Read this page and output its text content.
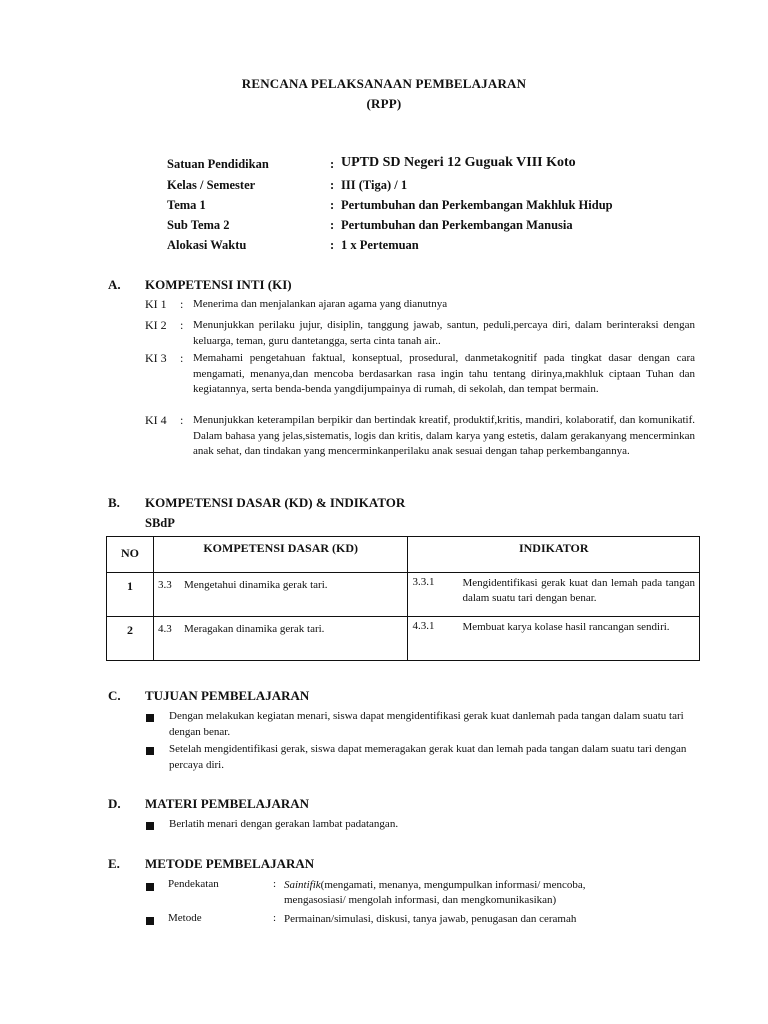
RENCANA PELAKSANAAN PEMBELAJARAN
(RPP)
Satuan Pendidikan	: UPTD SD Negeri 12 Guguak VIII Koto
Kelas / Semester	: III (Tiga) / 1
Tema 1	: Pertumbuhan dan Perkembangan Makhluk Hidup
Sub Tema 2	: Pertumbuhan dan Perkembangan Manusia
Alokasi Waktu	: 1 x Pertemuan
A. KOMPETENSI INTI (KI)
KI 1 : Menerima dan menjalankan ajaran agama yang dianutnya
KI 2 : Menunjukkan perilaku jujur, disiplin, tanggung jawab, santun, peduli,percaya diri, dalam berinteraksi dengan keluarga, teman, guru dantetangga, serta cinta tanah air..
KI 3 : Memahami pengetahuan faktual, konseptual, prosedural, danmetakognitif pada tingkat dasar dengan cara mengamati, menanya,dan mencoba berdasarkan rasa ingin tahu tentang dirinya,makhluk ciptaan Tuhan dan kegiatannya, serta benda-benda yangdijumpainya di rumah, di sekolah, dan tempat bermain.
KI 4 : Menunjukkan keterampilan berpikir dan bertindak kreatif, produktif,kritis, mandiri, kolaboratif, dan komunikatif. Dalam bahasa yang jelas,sistematis, logis dan kritis, dalam karya yang estetis, dalam gerakanyang mencerminkan anak sehat, dan tindakan yang mencerminkanperilaku anak sesuai dengan tahap perkembangannya.
B. KOMPETENSI DASAR (KD) & INDIKATOR
SBdP
NO	KOMPETENSI DASAR (KD)	INDIKATOR
1	3.3 Mengetahui dinamika gerak tari.	3.3.1 Mengidentifikasi gerak kuat dan lemah pada tangan dalam suatu tari dengan benar.

2	4.3 Meragakan dinamika gerak tari.	4.3.1 Membuat karya kolase hasil rancangan sendiri.
C. TUJUAN PEMBELAJARAN
Dengan melakukan kegiatan menari, siswa dapat mengidentifikasi gerak kuat danlemah pada tangan dalam suatu tari dengan benar.
Setelah mengidentifikasi gerak, siswa dapat memeragakan gerak kuat dan lemah pada tangan dalam suatu tari dengan percaya diri.
D. MATERI PEMBELAJARAN
Berlatih menari dengan gerakan lambat padatangan.
E. METODE PEMBELAJARAN
Pendekatan	: Saintifik(mengamati, menanya, mengumpulkan informasi/ mencoba, mengasosiasi/ mengolah informasi, dan mengkomunikasikan)
Metode	: Permainan/simulasi, diskusi, tanya jawab, penugasan dan ceramah
